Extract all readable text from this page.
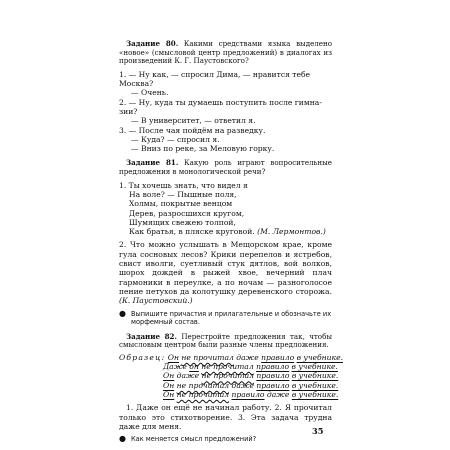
Задание 80. Какими средствами языка выделено «новое» (смысловой центр предложений) в диалогах из произведений К. Г. Паустовского?

1. — Ну как, — спросил Дима, — нравится тебе
Москва?
— Очень.
2. — Ну, куда ты думаешь поступить после гимна-
зии?
— В университет, — ответил я.
3. — После чая пойдём на разведку.
— Куда? — спросил я.
— Вниз по реке, за Меловую горку.

Задание 81. Какую роль играют вопросительные предложения в монологической речи?

1. Ты хочешь знать, что видел я
На воле? — Пышные поля,
Холмы, покрытые венцом
Дерев, разросшихся кругом,
Шумящих свежею толпой,
Как братья, в пляске круговой. (М. Лермонтов.)

2. Что можно услышать в Мещорском крае, кроме гула сосновых лесов? Крики перепелов и ястребов, свист иволги, суетливый стук дятлов, вой волков, шорох дождей в рыжей хвое, вечерний плач гармоники в переулке, а по ночам — разноголосое пение петухов да колотушку деревенского сторожа. (К. Паустовский.)

● Выпишите причастия и прилагательные и обозначьте их морфемный состав.

Задание 82. Перестройте предложения так, чтобы смысловым центром были разные члены предложения.

Образец: Он не прочитал даже правило в учебнике.
Даже он не прочитал правило в учебнике.
Он даже не прочитал правило в учебнике.
Он не прочитал даже правило в учебнике.
Он не прочитал правило даже в учебнике.

1. Даже он ещё не начинал работу. 2. Я прочитал только это стихотворение. 3. Эта задача трудна даже для меня.

● Как меняется смысл предложений?
35
